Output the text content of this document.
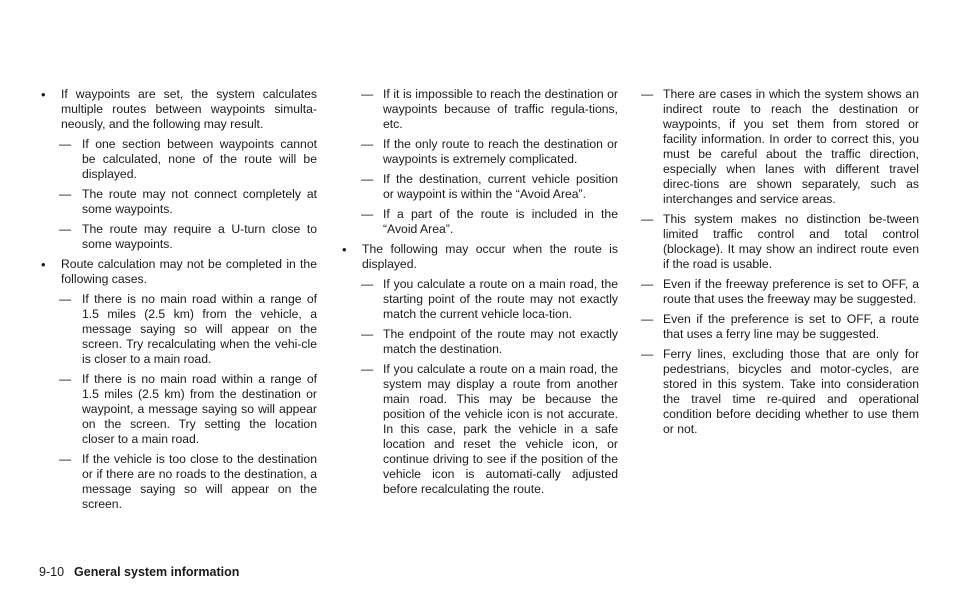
• If waypoints are set, the system calculates multiple routes between waypoints simulta-neously, and the following may result.
— If one section between waypoints cannot be calculated, none of the route will be displayed.
— The route may not connect completely at some waypoints.
— The route may require a U-turn close to some waypoints.
• Route calculation may not be completed in the following cases.
— If there is no main road within a range of 1.5 miles (2.5 km) from the vehicle, a message saying so will appear on the screen. Try recalculating when the vehi-cle is closer to a main road.
— If there is no main road within a range of 1.5 miles (2.5 km) from the destination or waypoint, a message saying so will appear on the screen. Try setting the location closer to a main road.
— If the vehicle is too close to the destination or if there are no roads to the destination, a message saying so will appear on the screen.
— If it is impossible to reach the destination or waypoints because of traffic regula-tions, etc.
— If the only route to reach the destination or waypoints is extremely complicated.
— If the destination, current vehicle position or waypoint is within the “Avoid Area”.
— If a part of the route is included in the “Avoid Area”.
• The following may occur when the route is displayed.
— If you calculate a route on a main road, the starting point of the route may not exactly match the current vehicle loca-tion.
— The endpoint of the route may not exactly match the destination.
— If you calculate a route on a main road, the system may display a route from another main road. This may be because the position of the vehicle icon is not accurate. In this case, park the vehicle in a safe location and reset the vehicle icon, or continue driving to see if the position of the vehicle icon is automati-cally adjusted before recalculating the route.
— There are cases in which the system shows an indirect route to reach the destination or waypoints, if you set them from stored or facility information. In order to correct this, you must be careful about the traffic direction, especially when lanes with different travel direc-tions are shown separately, such as interchanges and service areas.
— This system makes no distinction be-tween limited traffic control and total control (blockage). It may show an indirect route even if the road is usable.
— Even if the freeway preference is set to OFF, a route that uses the freeway may be suggested.
— Even if the preference is set to OFF, a route that uses a ferry line may be suggested.
— Ferry lines, excluding those that are only for pedestrians, bicycles and motor-cycles, are stored in this system. Take into consideration the travel time re-quired and operational condition before deciding whether to use them or not.
9-10 General system information
